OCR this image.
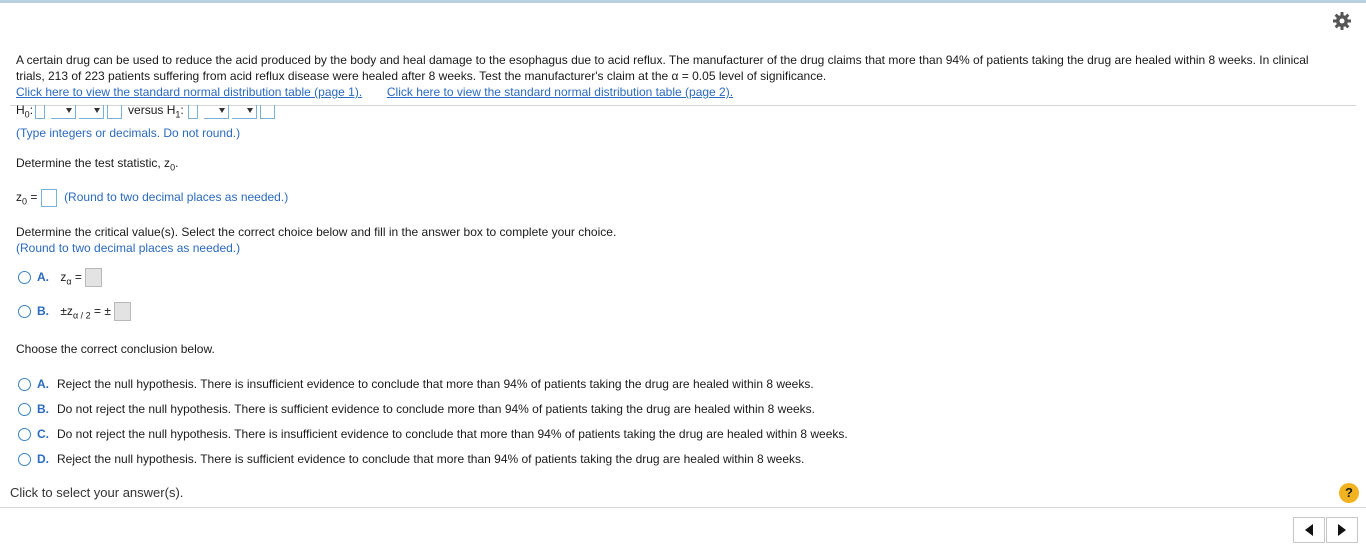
A certain drug can be used to reduce the acid produced by the body and heal damage to the esophagus due to acid reflux. The manufacturer of the drug claims that more than 94% of patients taking the drug are healed within 8 weeks. In clinical trials, 213 of 223 patients suffering from acid reflux disease were healed after 8 weeks. Test the manufacturer's claim at the α = 0.05 level of significance.
Click here to view the standard normal distribution table (page 1). Click here to view the standard normal distribution table (page 2).
$H_0$:	versus $H_1$:
(Type integers or decimals. Do not round.)
Determine the test statistic, $z_0$.
$z_0$ = (Round to two decimal places as needed.)
Determine the critical value(s). Select the correct choice below and fill in the answer box to complete your choice.
(Round to two decimal places as needed.)
A. $z_\alpha$ =
B. $\pm z_{\alpha / 2}$ = ±
Choose the correct conclusion below.
A. Reject the null hypothesis. There is insufficient evidence to conclude that more than 94% of patients taking the drug are healed within 8 weeks.
B. Do not reject the null hypothesis. There is sufficient evidence to conclude more than 94% of patients taking the drug are healed within 8 weeks.
C. Do not reject the null hypothesis. There is insufficient evidence to conclude that more than 94% of patients taking the drug are healed within 8 weeks.
D. Reject the null hypothesis. There is sufficient evidence to conclude that more than 94% of patients taking the drug are healed within 8 weeks.
Click to select your answer(s).	?
